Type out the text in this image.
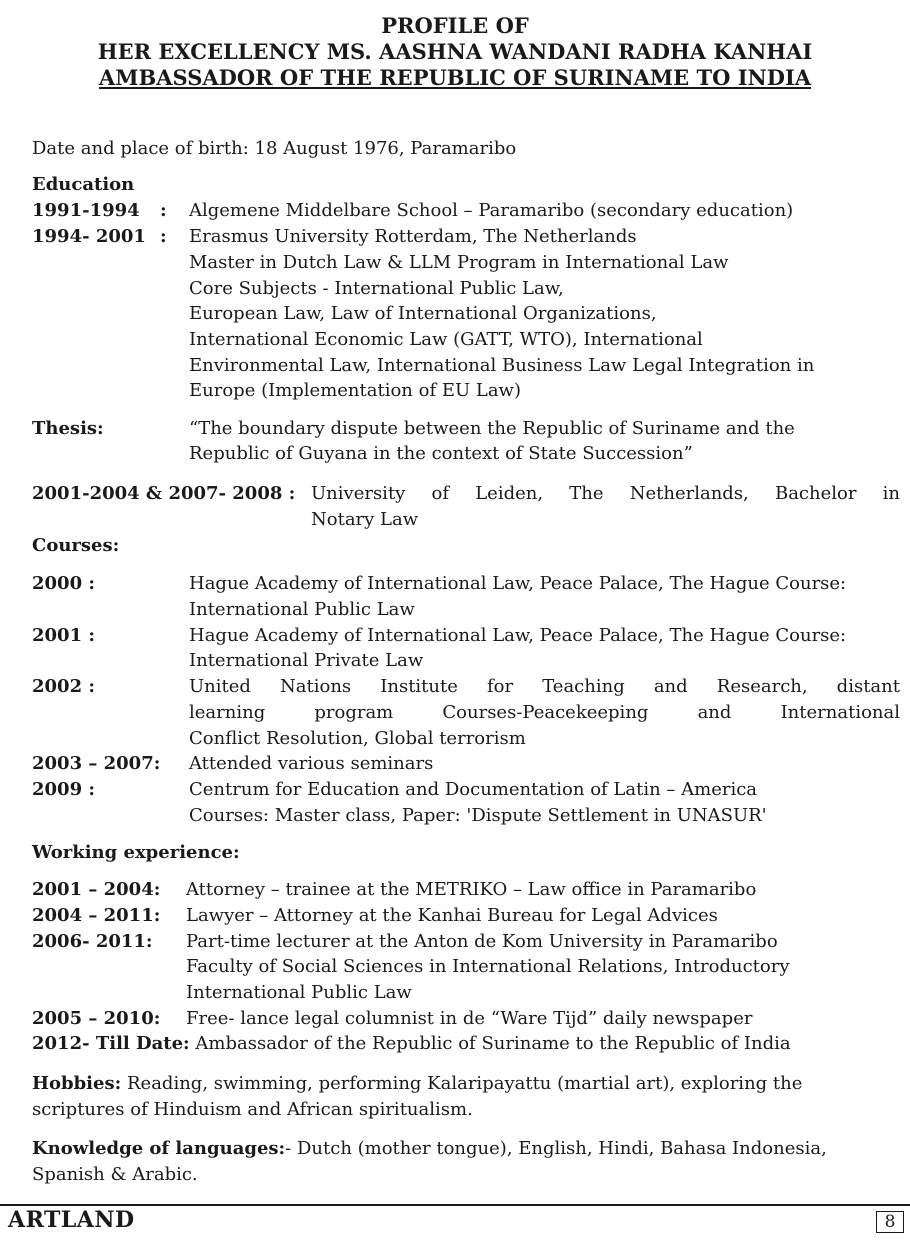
PROFILE OF
HER EXCELLENCY MS. AASHNA WANDANI RADHA KANHAI
AMBASSADOR OF THE REPUBLIC OF SURINAME TO INDIA
Date and place of birth: 18 August 1976, Paramaribo
Education
1991-1994 : Algemene Middelbare School – Paramaribo (secondary education)
1994- 2001 : Erasmus University Rotterdam, The Netherlands
Master in Dutch Law & LLM Program in International Law
Core Subjects - International Public Law,
European Law, Law of International Organizations,
International Economic Law (GATT, WTO), International
Environmental Law, International Business Law Legal Integration in
Europe (Implementation of EU Law)
Thesis:	“The boundary dispute between the Republic of Suriname and the
Republic of Guyana in the context of State Succession”
2001-2004 & 2007- 2008 : University of Leiden, The Netherlands, Bachelor in
Notary Law
Courses:
2000 :	Hague Academy of International Law, Peace Palace, The Hague Course:
International Public Law
2001 :	Hague Academy of International Law, Peace Palace, The Hague Course:
International Private Law
2002 :	United Nations Institute for Teaching and Research, distant
learning program Courses-Peacekeeping and International
Conflict Resolution, Global terrorism
2003 – 2007: Attended various seminars
2009 :	Centrum for Education and Documentation of Latin – America
Courses: Master class, Paper: 'Dispute Settlement in UNASUR'
Working experience:
2001 – 2004: Attorney – trainee at the METRIKO – Law office in Paramaribo
2004 – 2011: Lawyer – Attorney at the Kanhai Bureau for Legal Advices
2006- 2011: Part-time lecturer at the Anton de Kom University in Paramaribo
Faculty of Social Sciences in International Relations, Introductory
International Public Law
2005 – 2010: Free- lance legal columnist in de “Ware Tijd” daily newspaper
2012- Till Date: Ambassador of the Republic of Suriname to the Republic of India
Hobbies: Reading, swimming, performing Kalaripayattu (martial art), exploring the
scriptures of Hinduism and African spiritualism.
Knowledge of languages:- Dutch (mother tongue), English, Hindi, Bahasa Indonesia,
Spanish & Arabic.
ARTLAND	8
